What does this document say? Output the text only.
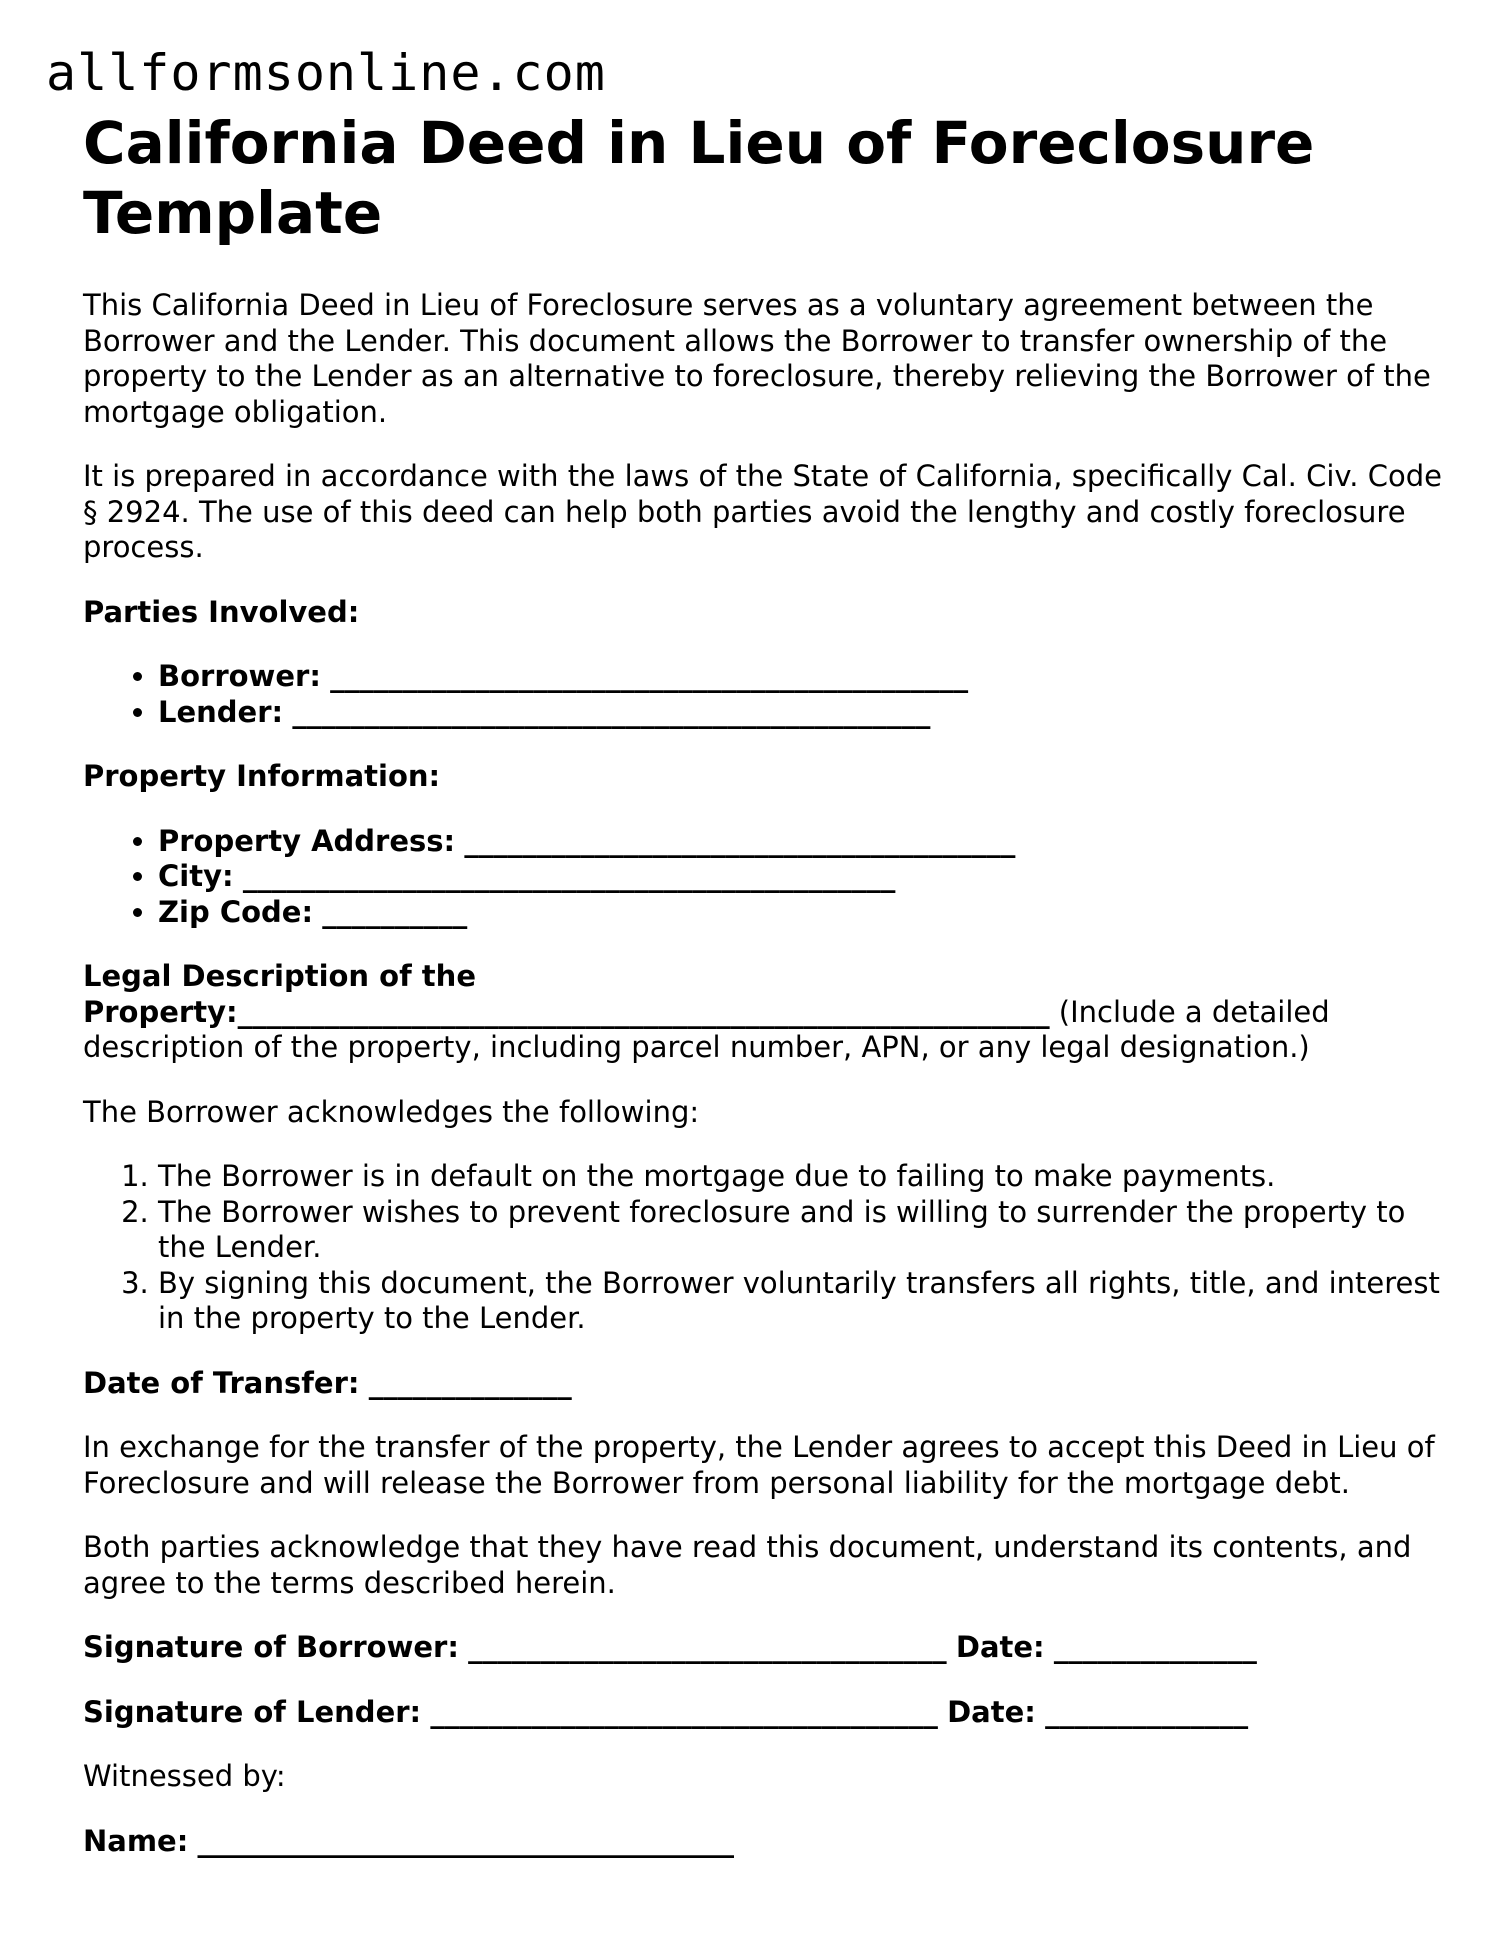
allformsonline.com
California Deed in Lieu of Foreclosure Template

This California Deed in Lieu of Foreclosure serves as a voluntary agreement between the Borrower and the Lender. This document allows the Borrower to transfer ownership of the property to the Lender as an alternative to foreclosure, thereby relieving the Borrower of the mortgage obligation.

It is prepared in accordance with the laws of the State of California, specifically Cal. Civ. Code § 2924. The use of this deed can help both parties avoid the lengthy and costly foreclosure process.

Parties Involved:

• Borrower: ____________________________________________
• Lender: ____________________________________________

Property Information:

• Property Address: ______________________________________
• City: _____________________________________________
• Zip Code: __________

Legal Description of the
Property:________________________________________________________ (Include a detailed description of the property, including parcel number, APN, or any legal designation.)

The Borrower acknowledges the following:

1. The Borrower is in default on the mortgage due to failing to make payments.
2. The Borrower wishes to prevent foreclosure and is willing to surrender the property to the Lender.
3. By signing this document, the Borrower voluntarily transfers all rights, title, and interest in the property to the Lender.

Date of Transfer: ______________

In exchange for the transfer of the property, the Lender agrees to accept this Deed in Lieu of Foreclosure and will release the Borrower from personal liability for the mortgage debt.

Both parties acknowledge that they have read this document, understand its contents, and agree to the terms described herein.

Signature of Borrower: _________________________________ Date: ______________

Signature of Lender: ___________________________________ Date: ______________

Witnessed by:

Name: _____________________________________
